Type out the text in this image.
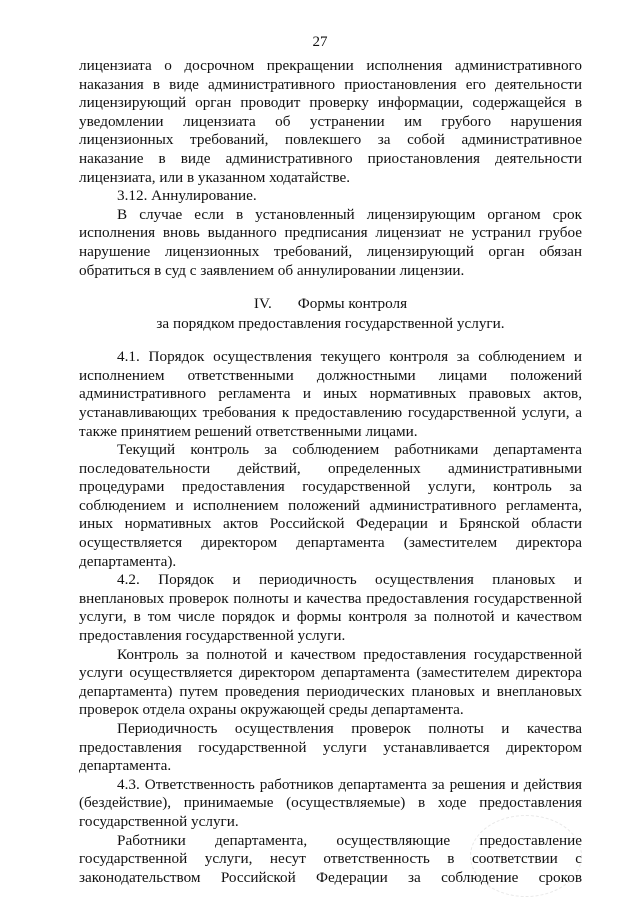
27

лицензиата о досрочном прекращении исполнения административного наказания в виде административного приостановления его деятельности лицензирующий орган проводит проверку информации, содержащейся в уведомлении лицензиата об устранении им грубого нарушения лицензионных требований, повлекшего за собой административное наказание в виде административного приостановления деятельности лицензиата, или в указанном ходатайстве.

3.12. Аннулирование.

В случае если в установленный лицензирующим органом срок исполнения вновь выданного предписания лицензиат не устранил грубое нарушение лицензионных требований, лицензирующий орган обязан обратиться в суд с заявлением об аннулировании лицензии.

IV. Формы контроля

за порядком предоставления государственной услуги.

4.1. Порядок осуществления текущего контроля за соблюдением и исполнением ответственными должностными лицами положений административного регламента и иных нормативных правовых актов, устанавливающих требования к предоставлению государственной услуги, а также принятием решений ответственными лицами.

Текущий контроль за соблюдением работниками департамента последовательности действий, определенных административными процедурами предоставления государственной услуги, контроль за соблюдением и исполнением положений административного регламента, иных нормативных актов Российской Федерации и Брянской области осуществляется директором департамента (заместителем директора департамента).

4.2. Порядок и периодичность осуществления плановых и внеплановых проверок полноты и качества предоставления государственной услуги, в том числе порядок и формы контроля за полнотой и качеством предоставления государственной услуги.

Контроль за полнотой и качеством предоставления государственной услуги осуществляется директором департамента (заместителем директора департамента) путем проведения периодических плановых и внеплановых проверок отдела охраны окружающей среды департамента.

Периодичность осуществления проверок полноты и качества предоставления государственной услуги устанавливается директором департамента.

4.3. Ответственность работников департамента за решения и действия (бездействие), принимаемые (осуществляемые) в ходе предоставления государственной услуги.

Работники департамента, осуществляющие предоставление государственной услуги, несут ответственность в соответствии с законодательством Российской Федерации за соблюдение сроков
